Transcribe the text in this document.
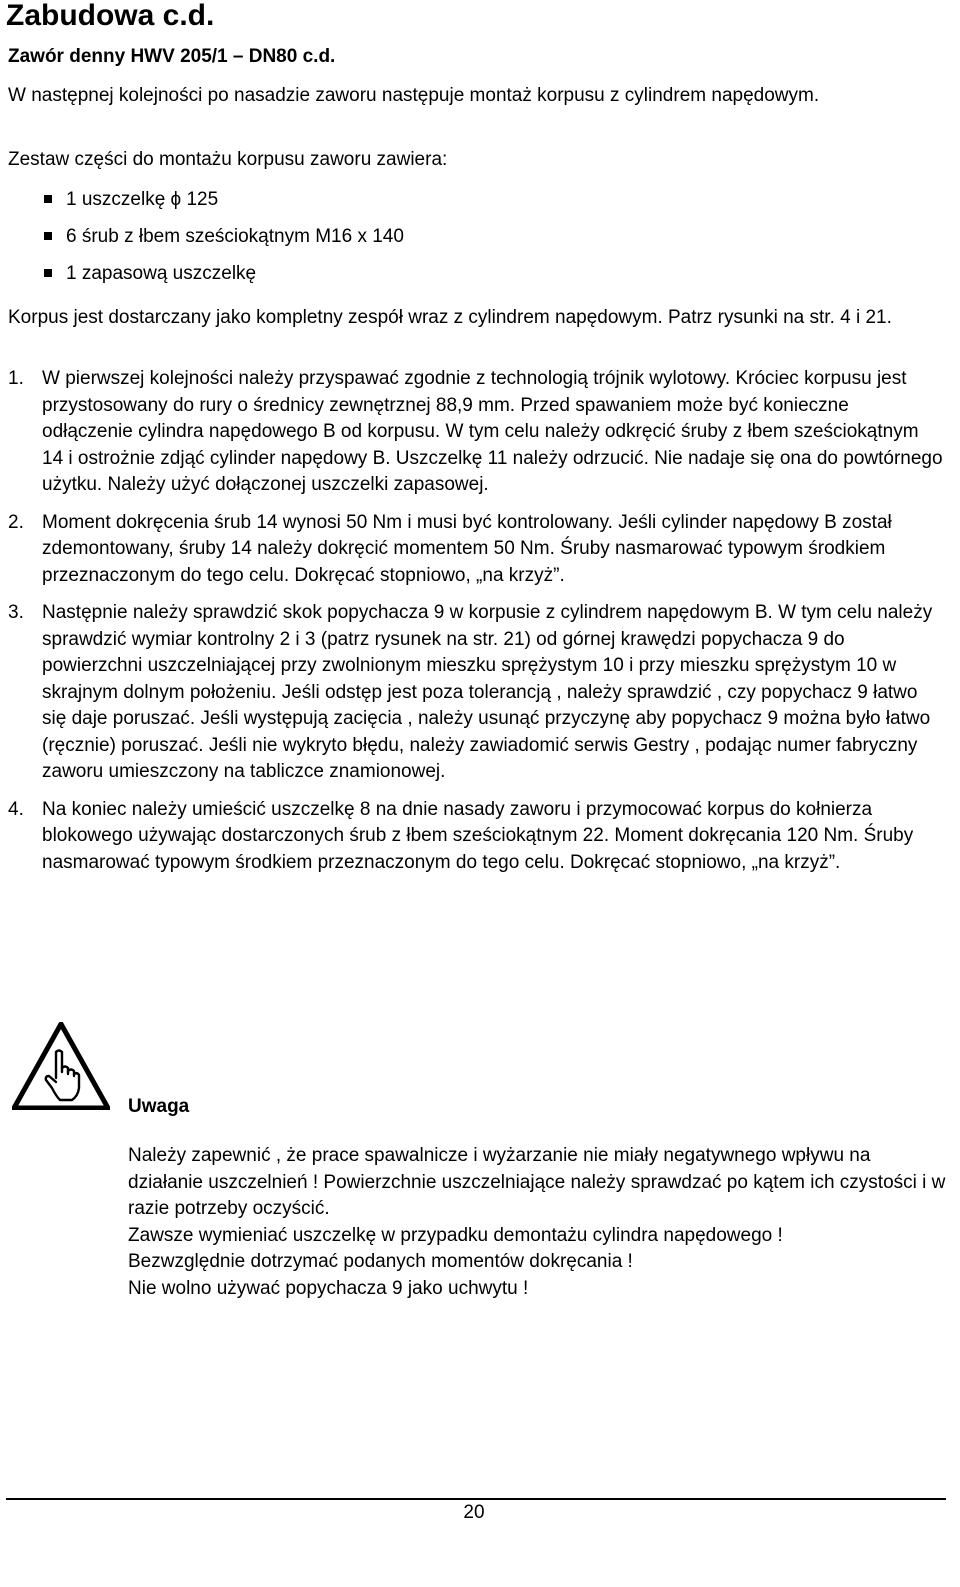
Zabudowa c.d.
Zawór denny HWV 205/1 – DN80 c.d.

W następnej kolejności po nasadzie zaworu następuje montaż korpusu z cylindrem napędowym.

Zestaw części do montażu korpusu zaworu zawiera:

1 uszczelkę ϕ 125
6 śrub z łbem sześciokątnym M16 x 140
1 zapasową uszczelkę

Korpus jest dostarczany jako kompletny zespół wraz z cylindrem napędowym. Patrz rysunki na str. 4 i 21.

1. W pierwszej kolejności należy przyspawać zgodnie z technologią trójnik wylotowy. Króciec korpusu jest przystosowany do rury o średnicy zewnętrznej 88,9 mm. Przed spawaniem może być konieczne odłączenie cylindra napędowego B od korpusu. W tym celu należy odkręcić śruby z łbem sześciokątnym 14 i ostrożnie zdjąć cylinder napędowy B. Uszczelkę 11 należy odrzucić. Nie nadaje się ona do powtórnego użytku. Należy użyć dołączonej uszczelki zapasowej.
2. Moment dokręcenia śrub 14 wynosi 50 Nm i musi być kontrolowany. Jeśli cylinder napędowy B został zdemontowany, śruby 14 należy dokręcić momentem 50 Nm. Śruby nasmarować typowym środkiem przeznaczonym do tego celu. Dokręcać stopniowo, „na krzyż”.
3. Następnie należy sprawdzić skok popychacza 9 w korpusie z cylindrem napędowym B. W tym celu należy sprawdzić wymiar kontrolny 2 i 3 (patrz rysunek na str. 21) od górnej krawędzi popychacza 9 do powierzchni uszczelniającej przy zwolnionym mieszku sprężystym 10 i przy mieszku sprężystym 10 w skrajnym dolnym położeniu. Jeśli odstęp jest poza tolerancją , należy sprawdzić , czy popychacz 9 łatwo się daje poruszać. Jeśli występują zacięcia , należy usunąć przyczynę aby popychacz 9 można było łatwo (ręcznie) poruszać. Jeśli nie wykryto błędu, należy zawiadomić serwis Gestry , podając numer fabryczny zaworu umieszczony na tabliczce znamionowej.
4. Na koniec należy umieścić uszczelkę 8 na dnie nasady zaworu i przymocować korpus do kołnierza blokowego używając dostarczonych śrub z łbem sześciokątnym 22. Moment dokręcania 120 Nm. Śruby nasmarować typowym środkiem przeznaczonym do tego celu. Dokręcać stopniowo, „na krzyż”.
Uwaga
Należy zapewnić , że prace spawalnicze i wyżarzanie nie miały negatywnego wpływu na działanie uszczelnień ! Powierzchnie uszczelniające należy sprawdzać po kątem ich czystości i w razie potrzeby oczyścić.
Zawsze wymieniać uszczelkę w przypadku demontażu cylindra napędowego !
Bezwzględnie dotrzymać podanych momentów dokręcania !
Nie wolno używać popychacza 9 jako uchwytu !
20
